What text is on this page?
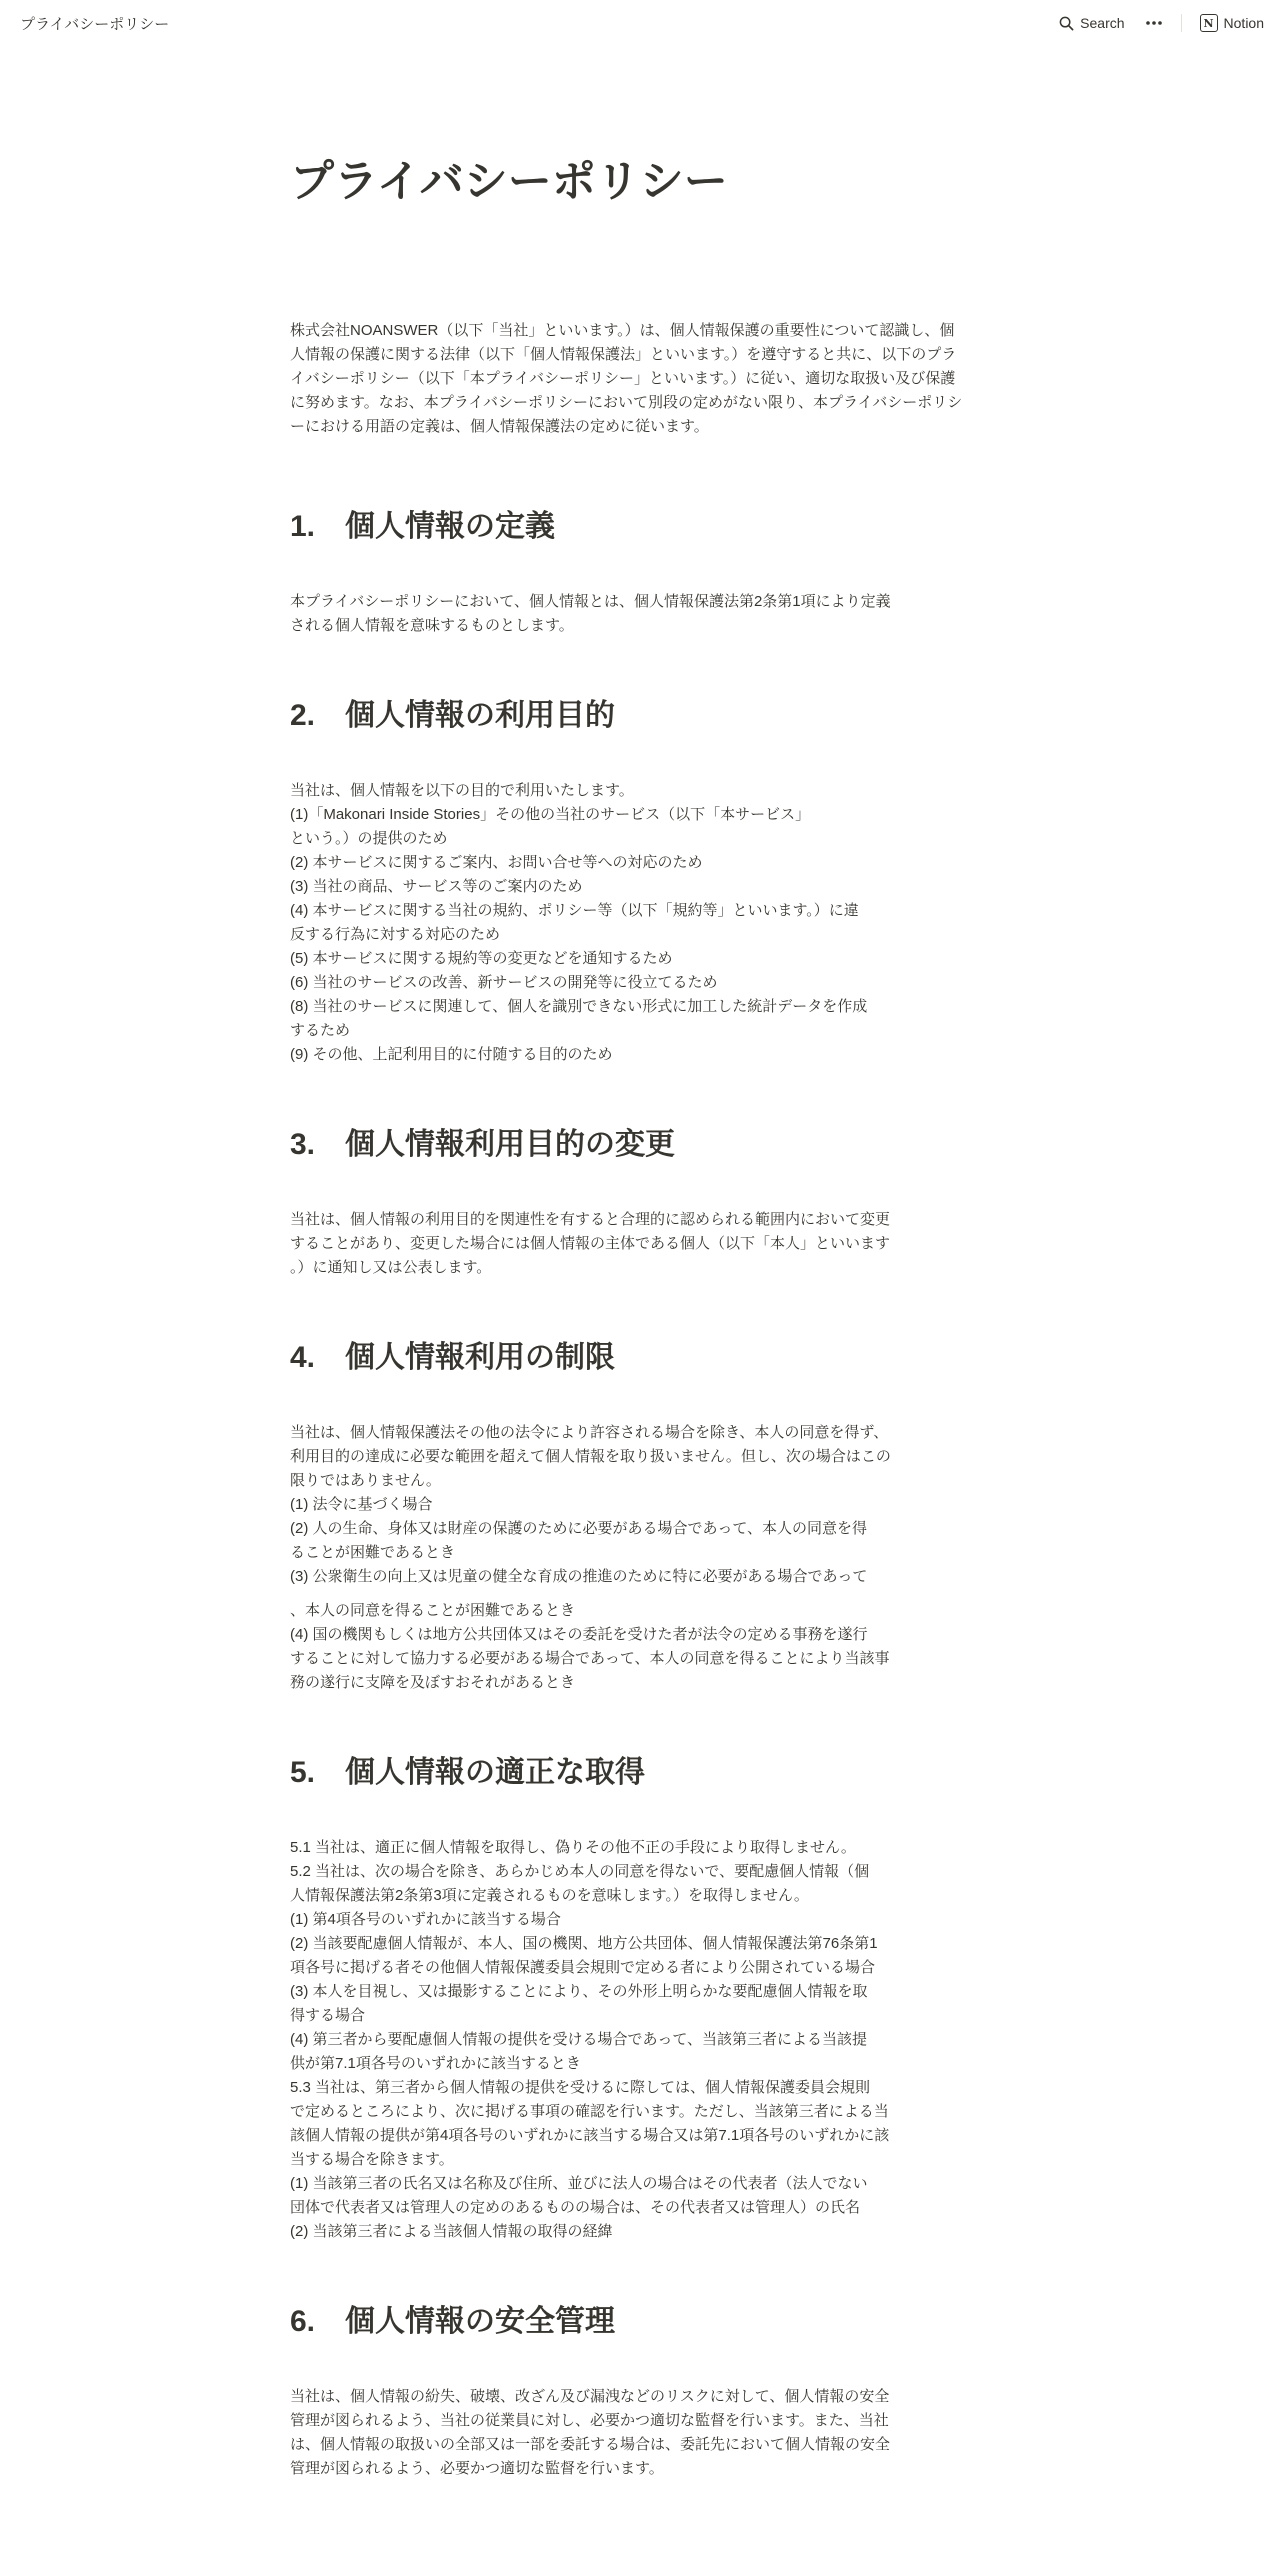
プライバシーポリシー	Search	N Notion
プライバシーポリシー

株式会社NOANSWER（以下「当社」といいます。）は、個人情報保護の重要性について認識し、個人情報の保護に関する法律（以下「個人情報保護法」といいます。）を遵守すると共に、以下のプライバシーポリシー（以下「本プライバシーポリシー」といいます。）に従い、適切な取扱い及び保護に努めます。なお、本プライバシーポリシーにおいて別段の定めがない限り、本プライバシーポリシーにおける用語の定義は、個人情報保護法の定めに従います。

1.　個人情報の定義
本プライバシーポリシーにおいて、個人情報とは、個人情報保護法第2条第1項により定義
される個人情報を意味するものとします。
2.　個人情報の利用目的
当社は、個人情報を以下の目的で利用いたします。
(1)「Makonari Inside Stories」その他の当社のサービス（以下「本サービス」
という。）の提供のため
(2) 本サービスに関するご案内、お問い合せ等への対応のため
(3) 当社の商品、サービス等のご案内のため
(4) 本サービスに関する当社の規約、ポリシー等（以下「規約等」といいます。）に違
反する行為に対する対応のため
(5) 本サービスに関する規約等の変更などを通知するため
(6) 当社のサービスの改善、新サービスの開発等に役立てるため
(8) 当社のサービスに関連して、個人を識別できない形式に加工した統計データを作成
するため
(9) その他、上記利用目的に付随する目的のため
3.　個人情報利用目的の変更
当社は、個人情報の利用目的を関連性を有すると合理的に認められる範囲内において変更
することがあり、変更した場合には個人情報の主体である個人（以下「本人」といいます
。）に通知し又は公表します。
4.　個人情報利用の制限
当社は、個人情報保護法その他の法令により許容される場合を除き、本人の同意を得ず、
利用目的の達成に必要な範囲を超えて個人情報を取り扱いません。但し、次の場合はこの
限りではありません。
(1) 法令に基づく場合
(2) 人の生命、身体又は財産の保護のために必要がある場合であって、本人の同意を得
ることが困難であるとき
(3) 公衆衛生の向上又は児童の健全な育成の推進のために特に必要がある場合であって
、本人の同意を得ることが困難であるとき
(4) 国の機関もしくは地方公共団体又はその委託を受けた者が法令の定める事務を遂行
することに対して協力する必要がある場合であって、本人の同意を得ることにより当該事
務の遂行に支障を及ぼすおそれがあるとき
5.　個人情報の適正な取得
5.1 当社は、適正に個人情報を取得し、偽りその他不正の手段により取得しません。
5.2 当社は、次の場合を除き、あらかじめ本人の同意を得ないで、要配慮個人情報（個
人情報保護法第2条第3項に定義されるものを意味します。）を取得しません。
(1) 第4項各号のいずれかに該当する場合
(2) 当該要配慮個人情報が、本人、国の機関、地方公共団体、個人情報保護法第76条第1
項各号に掲げる者その他個人情報保護委員会規則で定める者により公開されている場合
(3) 本人を目視し、又は撮影することにより、その外形上明らかな要配慮個人情報を取
得する場合
(4) 第三者から要配慮個人情報の提供を受ける場合であって、当該第三者による当該提
供が第7.1項各号のいずれかに該当するとき
5.3 当社は、第三者から個人情報の提供を受けるに際しては、個人情報保護委員会規則
で定めるところにより、次に掲げる事項の確認を行います。ただし、当該第三者による当
該個人情報の提供が第4項各号のいずれかに該当する場合又は第7.1項各号のいずれかに該
当する場合を除きます。
(1) 当該第三者の氏名又は名称及び住所、並びに法人の場合はその代表者（法人でない
団体で代表者又は管理人の定めのあるものの場合は、その代表者又は管理人）の氏名
(2) 当該第三者による当該個人情報の取得の経緯
6.　個人情報の安全管理
当社は、個人情報の紛失、破壊、改ざん及び漏洩などのリスクに対して、個人情報の安全
管理が図られるよう、当社の従業員に対し、必要かつ適切な監督を行います。また、当社
は、個人情報の取扱いの全部又は一部を委託する場合は、委託先において個人情報の安全
管理が図られるよう、必要かつ適切な監督を行います。
